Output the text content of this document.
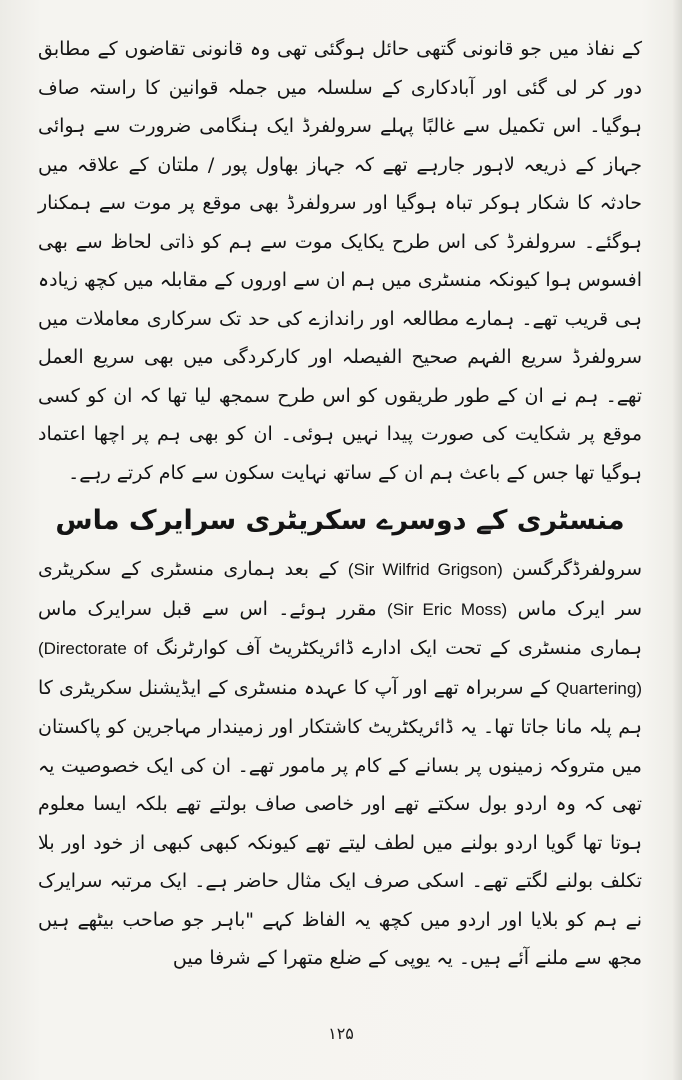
کے نفاذ میں جو قانونی گتھی حائل ہوگئی تھی وہ قانونی تقاضوں کے مطابق دور کر لی گئی اور آبادکاری کے سلسلہ میں جملہ قوانین کا راستہ صاف ہوگیا۔ اس تکمیل سے غالبًا پہلے سرولفرڈ ایک ہنگامی ضرورت سے ہوائی جہاز کے ذریعہ لاہور جارہے تھے کہ جہاز بھاول پور / ملتان کے علاقہ میں حادثہ کا شکار ہوکر تباہ ہوگیا اور سرولفرڈ بھی موقع پر موت سے ہمکنار ہوگئے۔ سرولفرڈ کی اس طرح یکایک موت سے ہم کو ذاتی لحاظ سے بھی افسوس ہوا کیونکہ منسٹری میں ہم ان سے اوروں کے مقابلہ میں کچھ زیادہ ہی قریب تھے۔ ہمارے مطالعہ اور راندازے کی حد تک سرکاری معاملات میں سرولفرڈ سریع الفہم صحیح الفیصلہ اور کارکردگی میں بھی سریع العمل تھے۔ ہم نے ان کے طور طریقوں کو اس طرح سمجھ لیا تھا کہ ان کو کسی موقع پر شکایت کی صورت پیدا نہیں ہوئی۔ ان کو بھی ہم پر اچھا اعتماد ہوگیا تھا جس کے باعث ہم ان کے ساتھ نہایت سکون سے کام کرتے رہے۔

منسٹری کے دوسرے سکریٹری سرایرک ماس

سرولفرڈگرگسن (Sir Wilfrid Grigson) کے بعد ہماری منسٹری کے سکریٹری سر ایرک ماس (Sir Eric Moss) مقرر ہوئے۔ اس سے قبل سرایرک ماس ہماری منسٹری کے تحت ایک ادارے ڈائریکٹریٹ آف کوارٹرنگ (Directorate of Quartering) کے سربراہ تھے اور آپ کا عہدہ منسٹری کے ایڈیشنل سکریٹری کا ہم پلہ مانا جاتا تھا۔ یہ ڈائریکٹریٹ کاشتکار اور زمیندار مہاجرین کو پاکستان میں متروکہ زمینوں پر بسانے کے کام پر مامور تھے۔ ان کی ایک خصوصیت یہ تھی کہ وہ اردو بول سکتے تھے اور خاصی صاف بولتے تھے بلکہ ایسا معلوم ہوتا تھا گویا اردو بولنے میں لطف لیتے تھے کیونکہ کبھی کبھی از خود اور بلا تکلف بولنے لگتے تھے۔ اسکی صرف ایک مثال حاضر ہے۔ ایک مرتبہ سرایرک نے ہم کو بلایا اور اردو میں کچھ یہ الفاظ کہے "باہر جو صاحب بیٹھے ہیں مجھ سے ملنے آئے ہیں۔ یہ یوپی کے ضلع متھرا کے شرفا میں

۱۲۵
